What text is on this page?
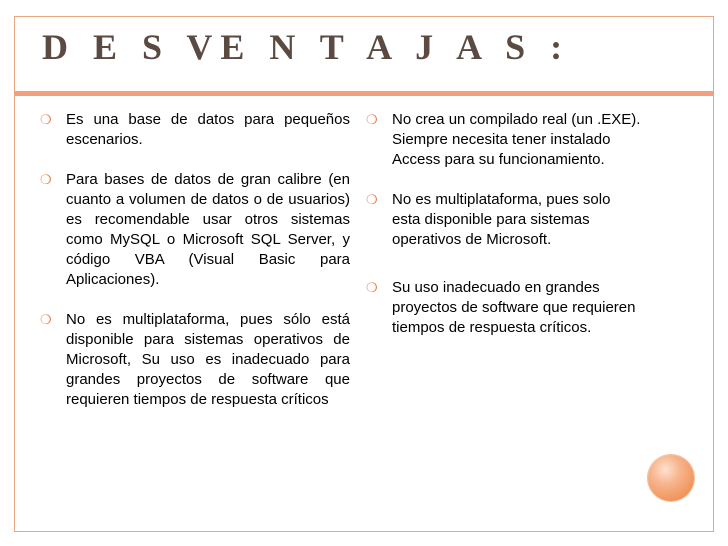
D E S VE N T A J A S :
❍ Es una base de datos para pequeños escenarios.
❍ Para bases de datos de gran calibre (en cuanto a volumen de datos o de usuarios) es recomendable usar otros sistemas como MySQL o Microsoft SQL Server, y código VBA (Visual Basic para Aplicaciones).
❍ No es multiplataforma, pues sólo está disponible para sistemas operativos de Microsoft, Su uso es inadecuado para grandes proyectos de software que requieren tiempos de respuesta críticos
❍ No crea un compilado real (un .EXE). Siempre necesita tener instalado Access para su funcionamiento.
❍ No es multiplataforma, pues solo esta disponible para sistemas operativos de Microsoft.
❍ Su uso inadecuado en grandes proyectos de software que requieren tiempos de respuesta críticos.
